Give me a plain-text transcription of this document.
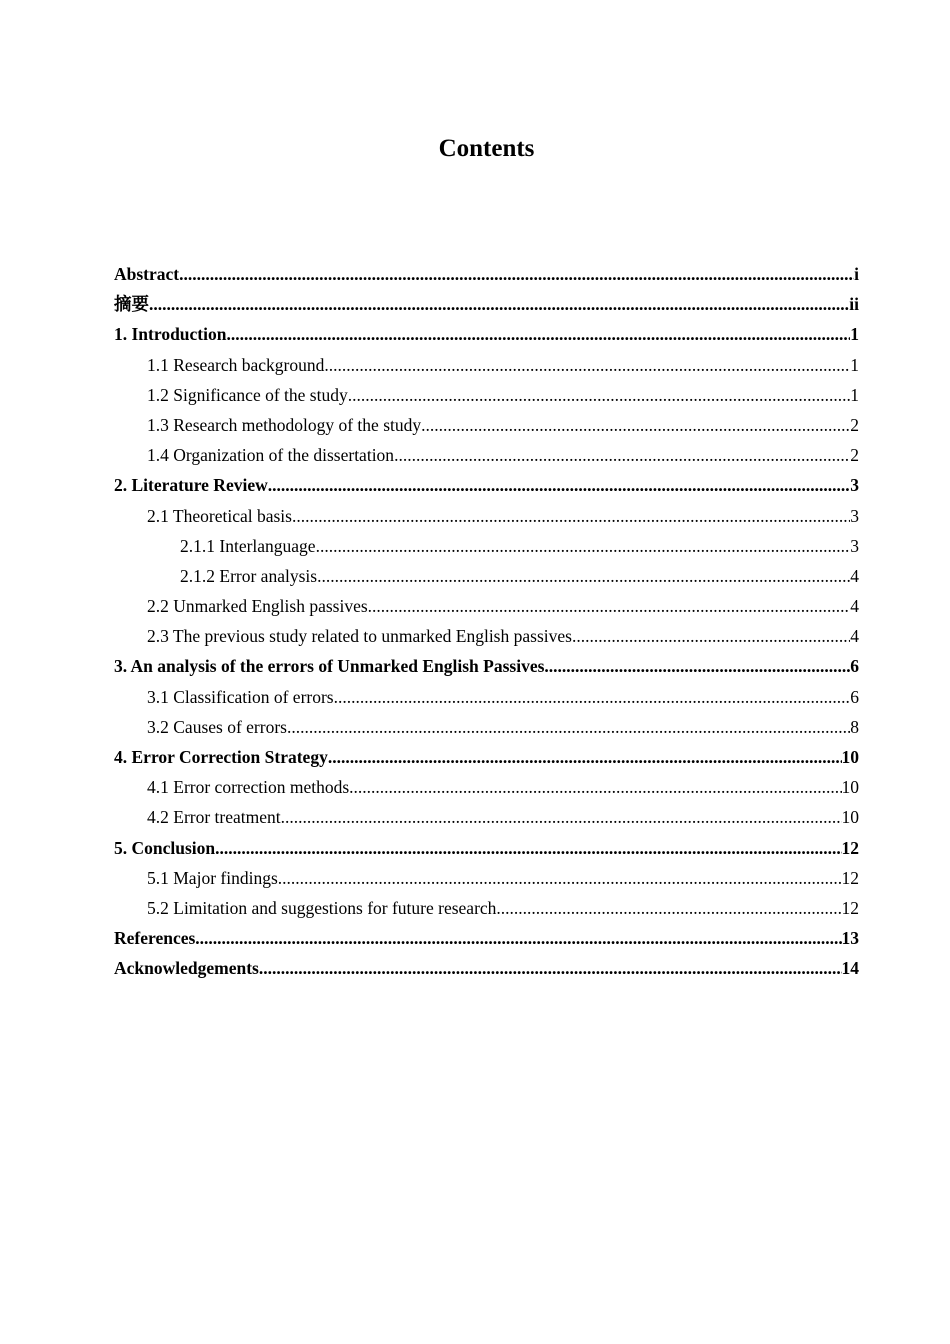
Contents
Abstract .....	i
摘要 .....	ii
1. Introduction .....	1
1.1 Research background .....	1
1.2 Significance of the study .....	1
1.3 Research methodology of the study .....	2
1.4 Organization of the dissertation .....	2
2. Literature Review .....	3
2.1 Theoretical basis .....	3
2.1.1 Interlanguage .....	3
2.1.2 Error analysis .....	4
2.2 Unmarked English passives .....	4
2.3 The previous study related to unmarked English passives .....	4
3. An analysis of the errors of Unmarked English Passives .....	6
3.1 Classification of errors .....	6
3.2 Causes of errors .....	8
4. Error Correction Strategy .....	10
4.1 Error correction methods .....	10
4.2 Error treatment .....	10
5. Conclusion .....	12
5.1 Major findings .....	12
5.2 Limitation and suggestions for future research .....	12
References .....	13
Acknowledgements .....	14
